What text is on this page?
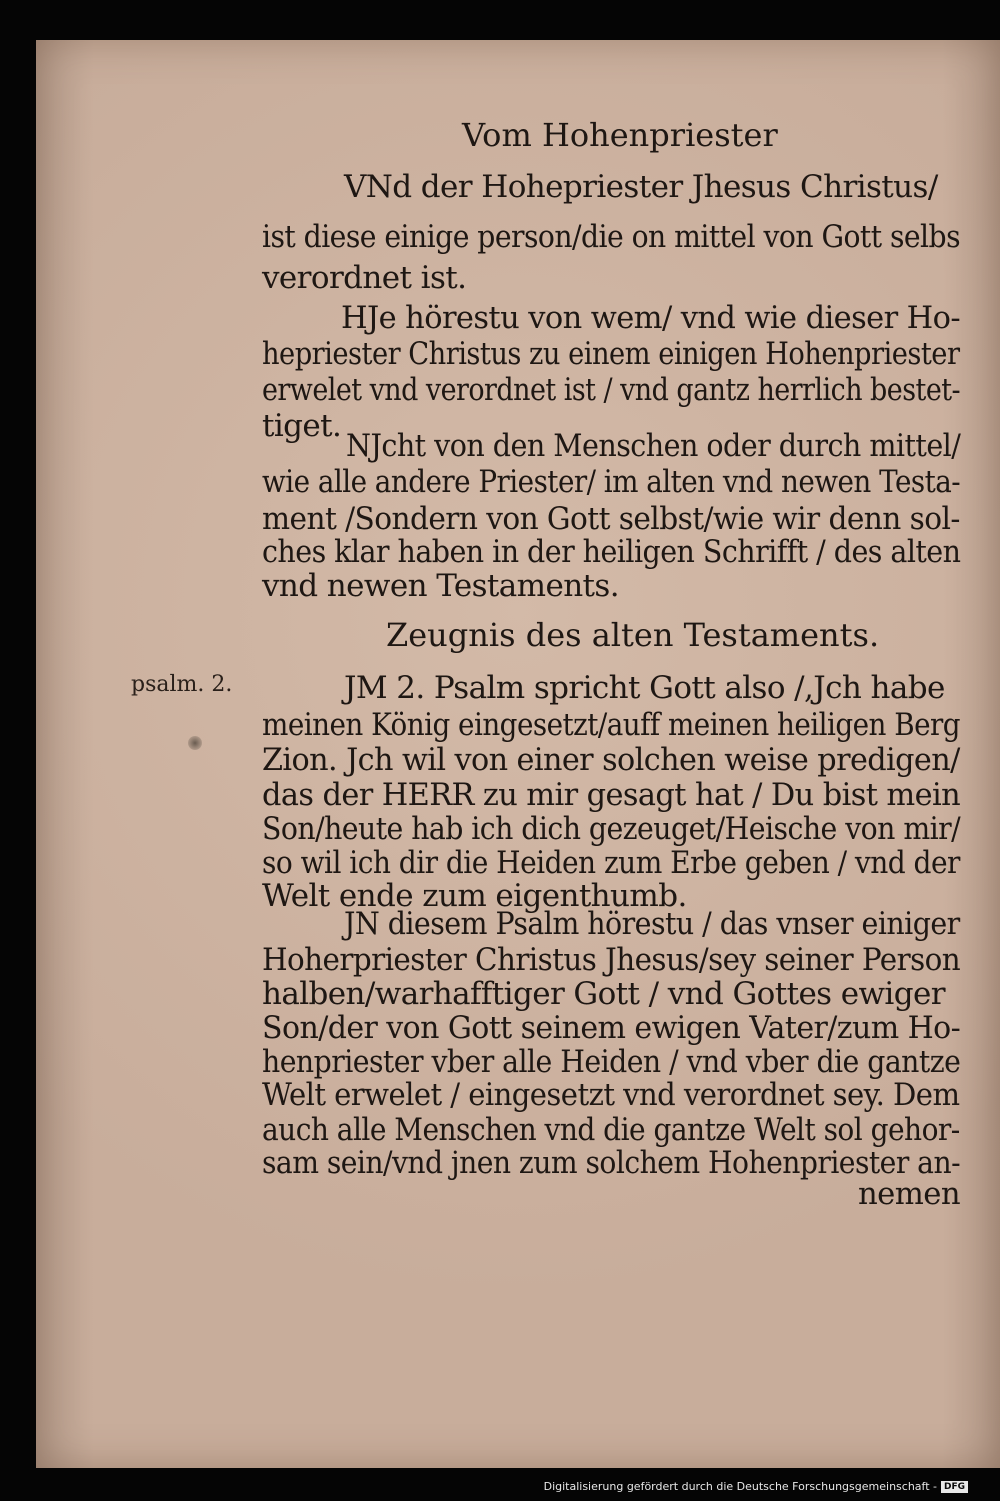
Vom Hohenpriester
VNd der Hohepriester Jhesus Christus/
ist diese einige person/die on mittel von Gott selbs
verordnet ist.
HJe hörestu von wem/ vnd wie dieser Ho-
hepriester Christus zu einem einigen Hohenpriester
erwelet vnd verordnet ist / vnd gantz herrlich bestet-
tiget.
NJcht von den Menschen oder durch mittel/
wie alle andere Priester/ im alten vnd newen Testa-
ment /Sondern von Gott selbst/wie wir denn sol-
ches klar haben in der heiligen Schrifft / des alten
vnd newen Testaments.
Zeugnis des alten Testaments.
psalm. 2.	JM 2. Psalm spricht Gott also /,Jch habe
meinen König eingesetzt/auff meinen heiligen Berg
Zion. Jch wil von einer solchen weise predigen/
das der HERR zu mir gesagt hat / Du bist mein
Son/heute hab ich dich gezeuget/Heische von mir/
so wil ich dir die Heiden zum Erbe geben / vnd der
Welt ende zum eigenthumb.
JN diesem Psalm hörestu / das vnser einiger
Hoherpriester Christus Jhesus/sey seiner Person
halben/warhafftiger Gott / vnd Gottes ewiger
Son/der von Gott seinem ewigen Vater/zum Ho-
henpriester vber alle Heiden / vnd vber die gantze
Welt erwelet / eingesetzt vnd verordnet sey. Dem
auch alle Menschen vnd die gantze Welt sol gehor-
sam sein/vnd jnen zum solchem Hohenpriester an-
nemen
Digitalisierung gefördert durch die Deutsche Forschungsgemeinschaft - DFG
